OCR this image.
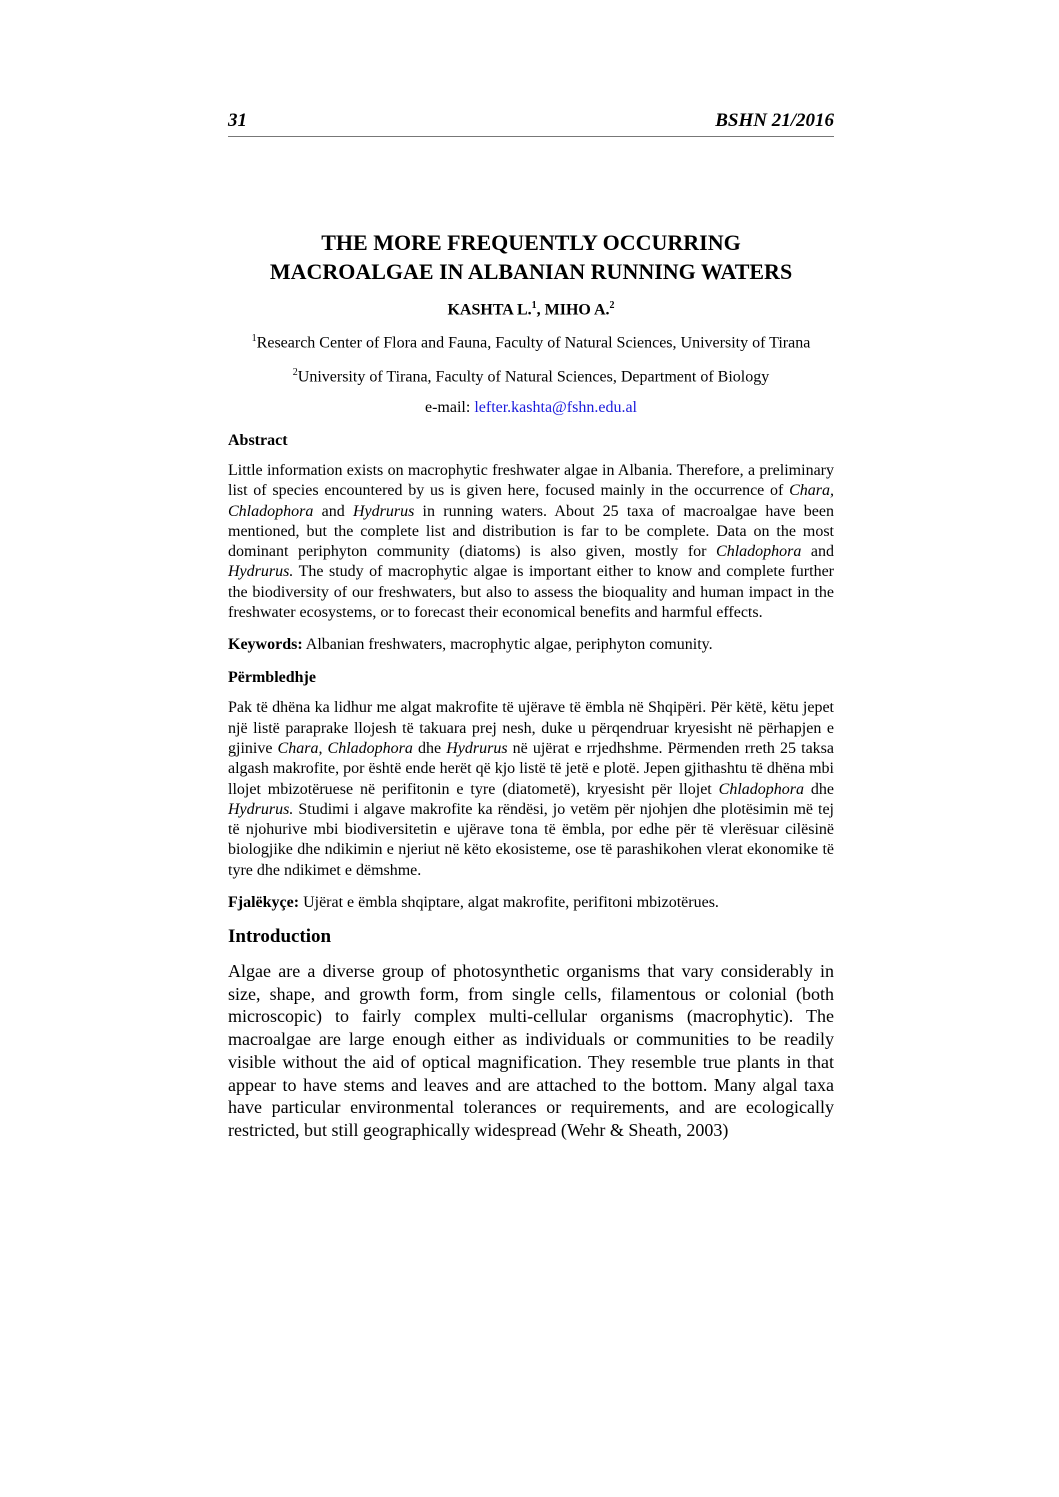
31	BSHN 21/2016
THE MORE FREQUENTLY OCCURRING
MACROALGAE IN ALBANIAN RUNNING WATERS

KASHTA L.$^1$, MIHO A.$^2$

$^1$Research Center of Flora and Fauna, Faculty of Natural Sciences, University of Tirana

$^2$University of Tirana, Faculty of Natural Sciences, Department of Biology

e-mail: lefter.kashta@fshn.edu.al

Abstract

Little information exists on macrophytic freshwater algae in Albania. Therefore, a preliminary list of species encountered by us is given here, focused mainly in the occurrence of Chara, Chladophora and Hydrurus in running waters. About 25 taxa of macroalgae have been mentioned, but the complete list and distribution is far to be complete. Data on the most dominant periphyton community (diatoms) is also given, mostly for Chladophora and Hydrurus. The study of macrophytic algae is important either to know and complete further the biodiversity of our freshwaters, but also to assess the bioquality and human impact in the freshwater ecosystems, or to forecast their economical benefits and harmful effects.

Keywords: Albanian freshwaters, macrophytic algae, periphyton comunity.

Përmbledhje

Pak të dhëna ka lidhur me algat makrofite të ujërave të ëmbla në Shqipëri. Për këtë, këtu jepet një listë paraprake llojesh të takuara prej nesh, duke u përqendruar kryesisht në përhapjen e gjinive Chara, Chladophora dhe Hydrurus në ujërat e rrjedhshme. Përmenden rreth 25 taksa algash makrofite, por është ende herët që kjo listë të jetë e plotë. Jepen gjithashtu të dhëna mbi llojet mbizotëruese në perifitonin e tyre (diatometë), kryesisht për llojet Chladophora dhe Hydrurus. Studimi i algave makrofite ka rëndësi, jo vetëm për njohjen dhe plotësimin më tej të njohurive mbi biodiversitetin e ujërave tona të ëmbla, por edhe për të vlerësuar cilësinë biologjike dhe ndikimin e njeriut në këto ekosisteme, ose të parashikohen vlerat ekonomike të tyre dhe ndikimet e dëmshme.

Fjalëkyçe: Ujërat e ëmbla shqiptare, algat makrofite, perifitoni mbizotërues.

Introduction

Algae are a diverse group of photosynthetic organisms that vary considerably in size, shape, and growth form, from single cells, filamentous or colonial (both microscopic) to fairly complex multi-cellular organisms (macrophytic). The macroalgae are large enough either as individuals or communities to be readily visible without the aid of optical magnification. They resemble true plants in that appear to have stems and leaves and are attached to the bottom. Many algal taxa have particular environmental tolerances or requirements, and are ecologically restricted, but still geographically widespread (Wehr & Sheath, 2003)
